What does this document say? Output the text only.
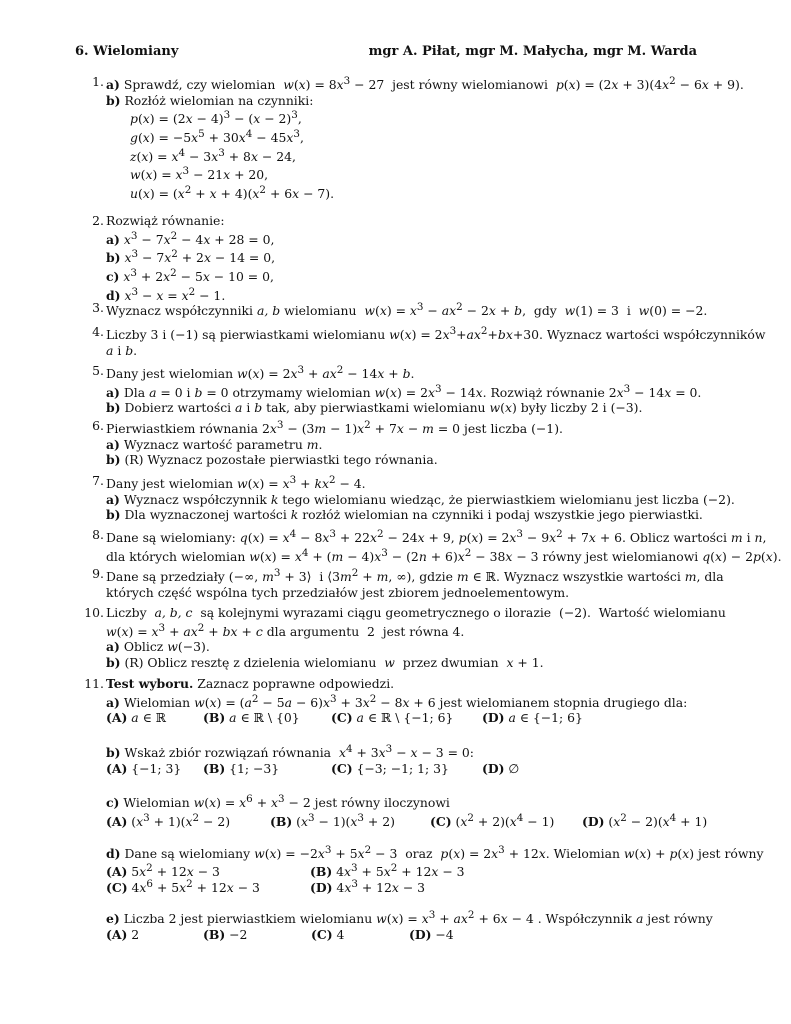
6. Wielomiany	mgr A. Piłat, mgr M. Małycha, mgr M. Warda
1. a) Sprawdź, czy wielomian  $w(x) = 8x^3 - 27$  jest równy wielomianowi  $p(x) = (2x + 3)(4x^2 - 6x + 9)$.
b) Rozłóż wielomian na czynniki:
$p(x) = (2x - 4)^3 - (x - 2)^3$,
$g(x) = -5x^5 + 30x^4 - 45x^3$,
$z(x) = x^4 - 3x^3 + 8x - 24$,
$w(x) = x^3 - 21x + 20$,
$u(x) = (x^2 + x + 4)(x^2 + 6x - 7)$.
2. Rozwiąż równanie:
a) $x^3 - 7x^2 - 4x + 28 = 0$,
b) $x^3 - 7x^2 + 2x - 14 = 0$,
c) $x^3 + 2x^2 - 5x - 10 = 0$,
d) $x^3 - x = x^2 - 1$.
3. Wyznacz współczynniki a, b wielomianu  $w(x) = x^3 - ax^2 - 2x + b$,  gdy  w(1) = 3  i  w(0) = −2.
4. Liczby 3 i (−1) są pierwiastkami wielomianu $w(x) = 2x^3+ax^2+bx+30$. Wyznacz wartości współczynników
a i b.
5. Dany jest wielomian $w(x) = 2x^3 + ax^2 - 14x + b$.
a) Dla a = 0 i b = 0 otrzymamy wielomian $w(x) = 2x^3 - 14x$. Rozwiąż równanie $2x^3 - 14x = 0$.
b) Dobierz wartości a i b tak, aby pierwiastkami wielomianu w(x) były liczby 2 i (−3).
6. Pierwiastkiem równania $2x^3 - (3m - 1)x^2 + 7x - m = 0$ jest liczba (−1).
a) Wyznacz wartość parametru m.
b) (R) Wyznacz pozostałe pierwiastki tego równania.
7. Dany jest wielomian $w(x) = x^3 + kx^2 - 4$.
a) Wyznacz współczynnik k tego wielomianu wiedząc, że pierwiastkiem wielomianu jest liczba (−2).
b) Dla wyznaczonej wartości k rozłóż wielomian na czynniki i podaj wszystkie jego pierwiastki.
8. Dane są wielomiany: $q(x) = x^4 - 8x^3 + 22x^2 - 24x + 9$, $p(x) = 2x^3 - 9x^2 + 7x + 6$. Oblicz wartości m i n,
dla których wielomian $w(x) = x^4 + (m - 4)x^3 - (2n + 6)x^2 - 38x - 3$ równy jest wielomianowi q(x) − 2p(x).
9. Dane są przedziały (−∞, $m^3$ + 3⟩  i $⟨3m^2 + m$, ∞), gdzie m ∈ ℝ. Wyznacz wszystkie wartości m, dla
których część wspólna tych przedziałów jest zbiorem jednoelementowym.
10. Liczby  a, b, c  są kolejnymi wyrazami ciągu geometrycznego o ilorazie  (−2).  Wartość wielomianu
$w(x) = x^3 + ax^2$ + bx + c dla argumentu  2  jest równa 4.
a) Oblicz w(−3).
b) (R) Oblicz resztę z dzielenia wielomianu  w  przez dwumian  x + 1.
11. Test wyboru. Zaznacz poprawne odpowiedzi.
a) Wielomian $w(x) = (a^2 - 5a - 6)x^3 + 3x^2 - 8x + 6$ jest wielomianem stopnia drugiego dla:
(A) a ∈ ℝ	(B) a ∈ ℝ \ {0}	(C) a ∈ ℝ \ {−1; 6} (D) a ∈ {−1; 6}
b) Wskaż zbiór rozwiązań równania  $x^4 + 3x^3 - x - 3 = 0$:
(A) {−1; 3} (B) {1; −3}	(C) {−3; −1; 1; 3}	(D) ∅
c) Wielomian $w(x) = x^6 + x^3 - 2$ jest równy iloczynowi
(A) $(x^3 + 1)(x^2 - 2)$	(B) $(x^3 - 1)(x^3 + 2)$	(C) $(x^2 + 2)(x^4 - 1)$ (D) $(x^2 - 2)(x^4 + 1)$
d) Dane są wielomiany $w(x) = -2x^3 + 5x^2 - 3$  oraz  $p(x) = 2x^3 + 12x$. Wielomian w(x) + p(x) jest równy
(A) $5x^2 + 12x - 3$	(B) $4x^3 + 5x^2 + 12x - 3$
(C) $4x^6 + 5x^2 + 12x - 3$	(D) $4x^3 + 12x - 3$
e) Liczba 2 jest pierwiastkiem wielomianu $w(x) = x^3 + ax^2 + 6x - 4$ . Współczynnik a jest równy
(A) 2	(B) −2	(C) 4	(D) −4
